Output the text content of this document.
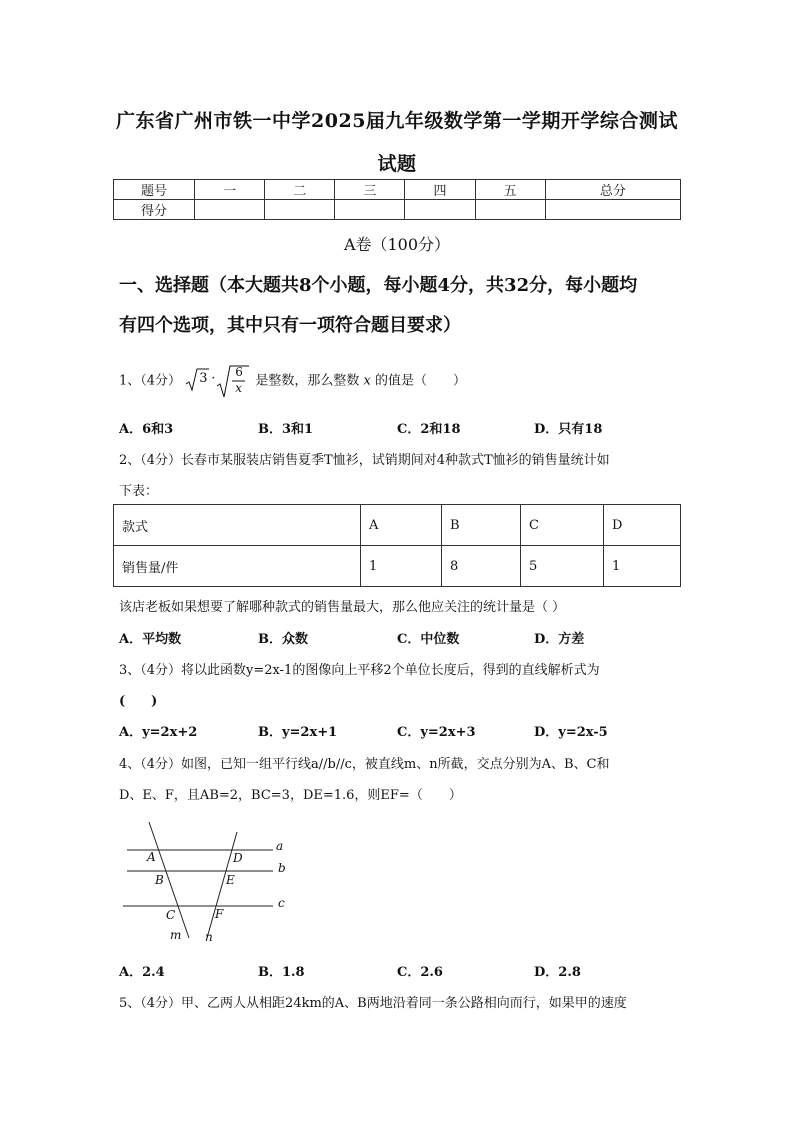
广东省广州市铁一中学2025届九年级数学第一学期开学综合测试
试题
题号	一	二	三	四	五	总分
得分						
A卷（100分）
一、选择题（本大题共8个小题，每小题4分，共32分，每小题均
有四个选项，其中只有一项符合题目要求）
1、（4分） 3 · 6
x 是整数，那么整数 x 的值是（　　）
A．6和3	B．3和1	C．2和18	D．只有18
2、（4分）长春市某服装店销售夏季T恤衫，试销期间对4种款式T恤衫的销售量统计如
下表：
款式	A	B	C	D
销售量/件	1	8	5	1
该店老板如果想要了解哪种款式的销售量最大，那么他应关注的统计量是（ ）
A．平均数	B．众数	C．中位数	D．方差
3、（4分）将以此函数y=2x-1的图像向上平移2个单位长度后，得到的直线解析式为
(　　)
A．y=2x+2	B．y=2x+1	C．y=2x+3	D．y=2x-5
4、（4分）如图，已知一组平行线a//b//c，被直线m、n所截，交点分别为A、B、C和
D、E、F，且AB=2，BC=3，DE=1.6，则EF=（　　）
a
b
c
A
B
C
D
E
F
m n
A．2.4	B．1.8	C．2.6	D．2.8
5、（4分）甲、乙两人从相距24km的A、B两地沿着同一条公路相向而行，如果甲的速度
